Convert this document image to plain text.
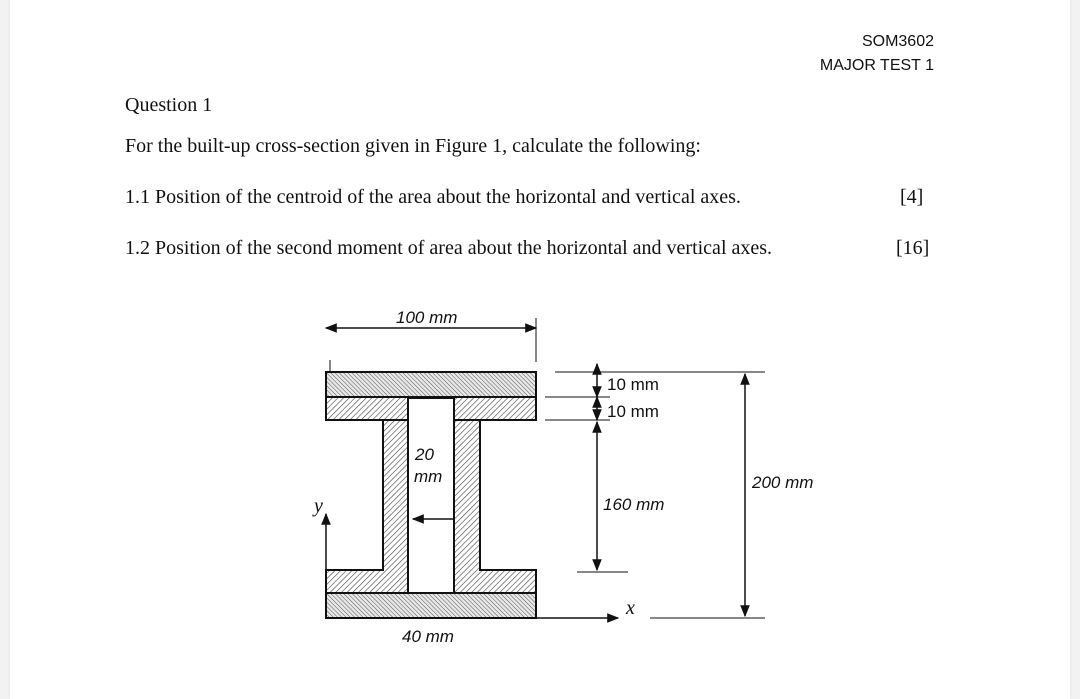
SOM3602
MAJOR TEST 1
Question 1
For the built-up cross-section given in Figure 1, calculate the following:
1.1 Position of the centroid of the area about the horizontal and vertical axes.	[4]
1.2 Position of the second moment of area about the horizontal and vertical axes.	[16]
100 mm
10 mm
10 mm
160 mm
200 mm
20
mm
40 mm
y
x
